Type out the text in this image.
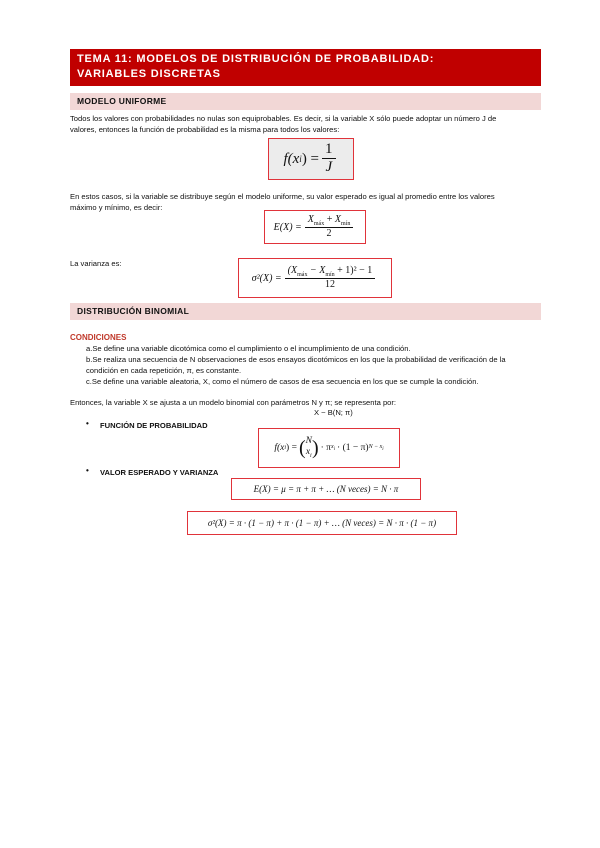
TEMA 11: MODELOS DE DISTRIBUCIÓN DE PROBABILIDAD:
VARIABLES DISCRETAS
MODELO UNIFORME
Todos los valores con probabilidades no nulas son equiprobables. Es decir, si la variable X sólo puede adoptar un número J de
valores, entonces la función de probabilidad es la misma para todos los valores:
f(x i ) = $\frac{1}{J}$
En estos casos, si la variable se distribuye según el modelo uniforme, su valor esperado es igual al promedio entre los valores
máximo y mínimo, es decir:
$E(X) = \frac{X_{máx} + X_{mín}}{2}$
La varianza es:
$\sigma^2(X) = \frac{(X_{máx} - X_{mín} + 1)^2 - 1}{12}$
DISTRIBUCIÓN BINOMIAL
CONDICIONES
a.Se define una variable dicotómica como el cumplimiento o el incumplimiento de una condición.
b.Se realiza una secuencia de N observaciones de esos ensayos dicotómicos en los que la probabilidad de verificación de la
condición en cada repetición, π, es constante.
c.Se define una variable aleatoria, X, como el número de casos de esa secuencia en los que se cumple la condición.
Entonces, la variable X se ajusta a un modelo binomial con parámetros N y π; se representa por:
X ~ B(N; π)
• FUNCIÓN DE PROBABILIDAD
f(x i ) = ( N
$x_i$ ) · π $x_i \cdot (1 - \pi) N - x_i$
• VALOR ESPERADO Y VARIANZA
E(X) = μ = π + π + … (N veces) = N · π
σ²(X) = π · (1 − π) + π · (1 − π) + … (N veces) = N · π · (1 − π)
